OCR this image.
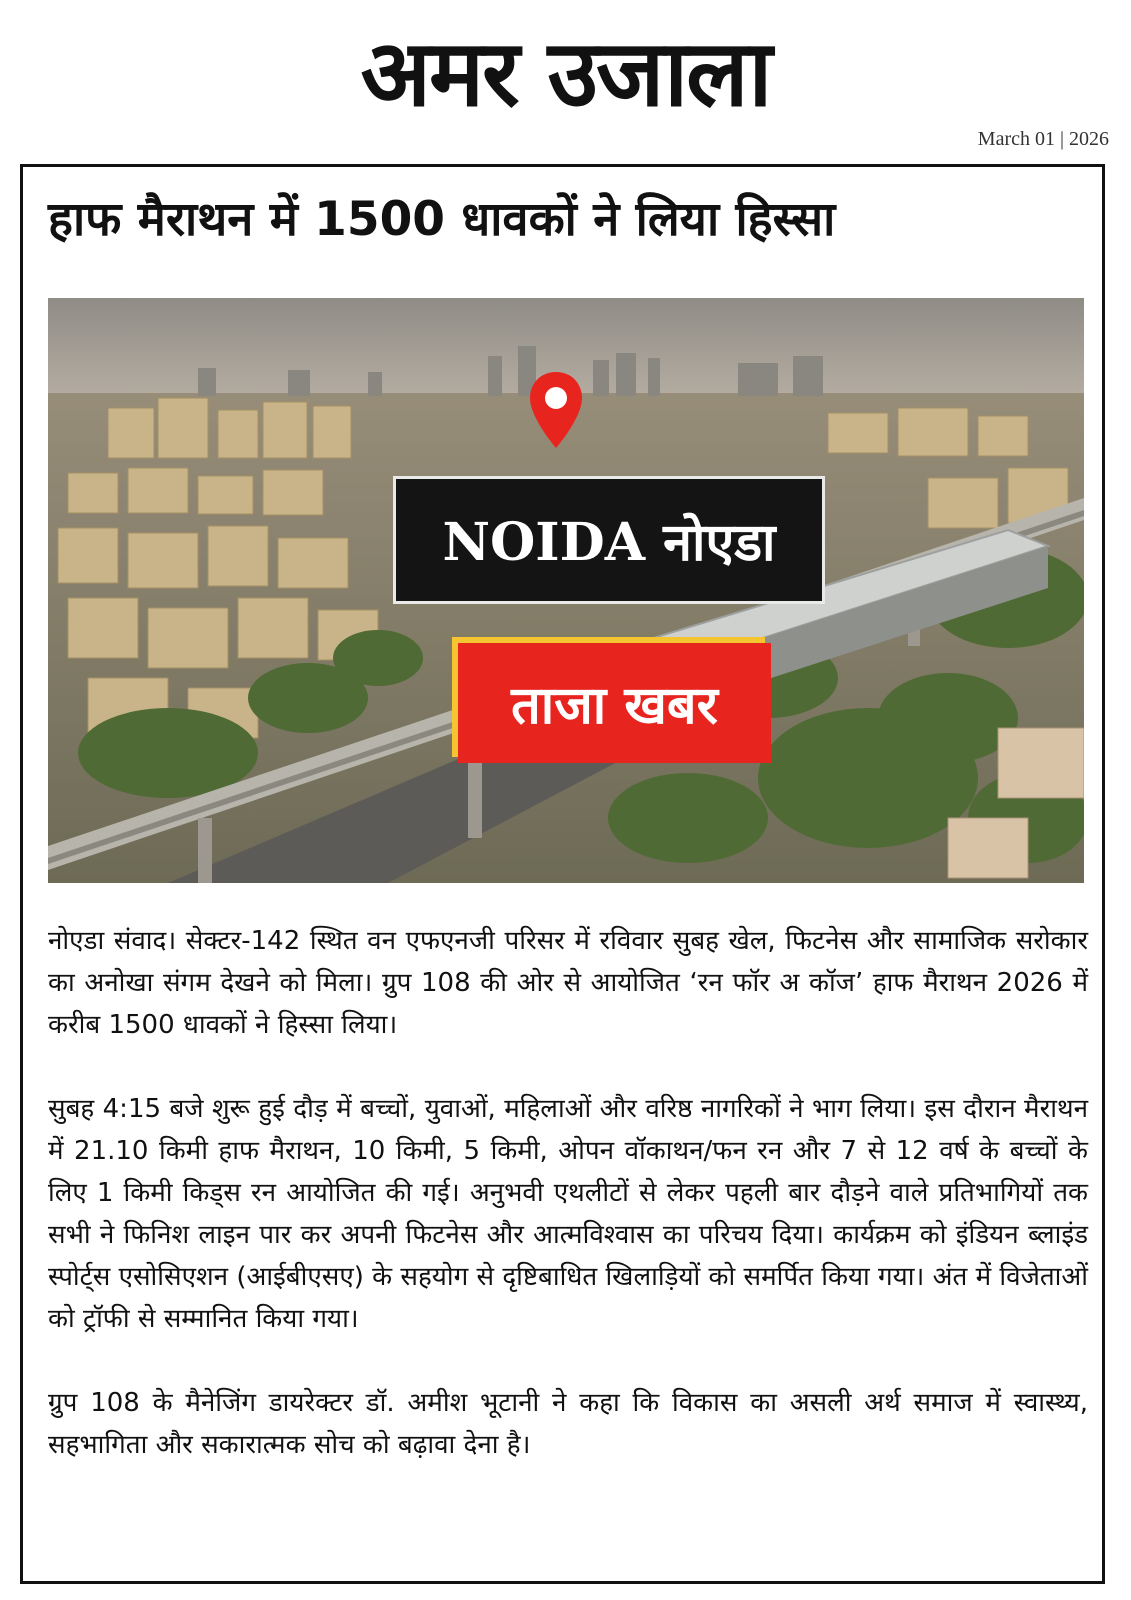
अमर उजाला
March 01 | 2026
हाफ मैराथन में 1500 धावकों ने लिया हिस्सा
NOIDA नोएडा
ताजा खबर

नोएडा संवाद। सेक्टर-142 स्थित वन एफएनजी परिसर में रविवार सुबह खेल, फिटनेस और सामाजिक सरोकार का अनोखा संगम देखने को मिला। ग्रुप 108 की ओर से आयोजित ‘रन फॉर अ कॉज’ हाफ मैराथन 2026 में करीब 1500 धावकों ने हिस्सा लिया।

सुबह 4:15 बजे शुरू हुई दौड़ में बच्चों, युवाओं, महिलाओं और वरिष्ठ नागरिकों ने भाग लिया। इस दौरान मैराथन में 21.10 किमी हाफ मैराथन, 10 किमी, 5 किमी, ओपन वॉकाथन/फन रन और 7 से 12 वर्ष के बच्चों के लिए 1 किमी किड्स रन आयोजित की गई। अनुभवी एथलीटों से लेकर पहली बार दौड़ने वाले प्रतिभागियों तक सभी ने फिनिश लाइन पार कर अपनी फिटनेस और आत्मविश्वास का परिचय दिया। कार्यक्रम को इंडियन ब्लाइंड स्पोर्ट्स एसोसिएशन (आईबीएसए) के सहयोग से दृष्टिबाधित खिलाड़ियों को समर्पित किया गया। अंत में विजेताओं को ट्रॉफी से सम्मानित किया गया।

ग्रुप 108 के मैनेजिंग डायरेक्टर डॉ. अमीश भूटानी ने कहा कि विकास का असली अर्थ समाज में स्वास्थ्य, सहभागिता और सकारात्मक सोच को बढ़ावा देना है।
